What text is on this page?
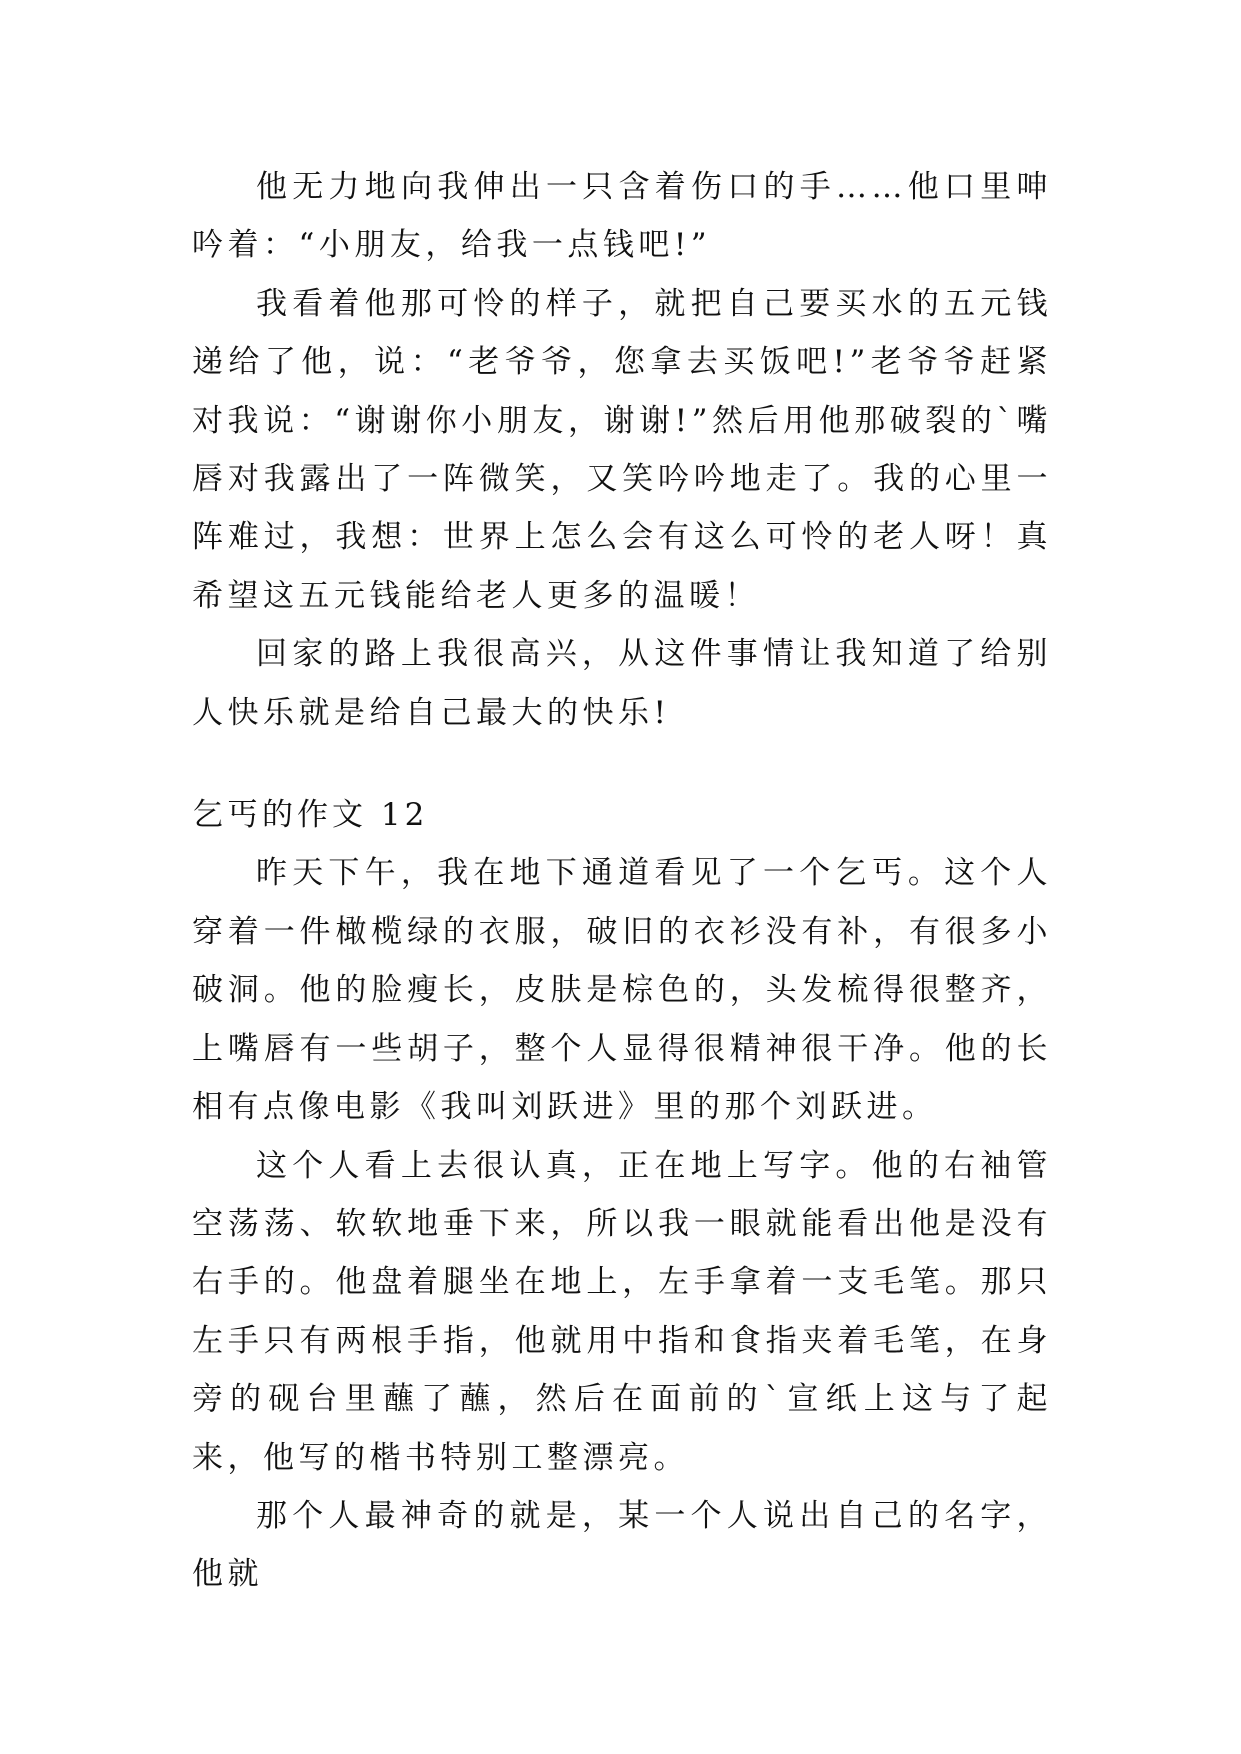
他无力地向我伸出一只含着伤口的手……他口里呻吟着：“小朋友，给我一点钱吧!”

我看着他那可怜的样子，就把自己要买水的五元钱递给了他，说：“老爷爷，您拿去买饭吧!”老爷爷赶紧对我说：“谢谢你小朋友，谢谢!”然后用他那破裂的`嘴唇对我露出了一阵微笑，又笑吟吟地走了。我的心里一阵难过，我想：世界上怎么会有这么可怜的老人呀！真希望这五元钱能给老人更多的温暖！

回家的路上我很高兴，从这件事情让我知道了给别人快乐就是给自己最大的快乐!

乞丐的作文 12

昨天下午，我在地下通道看见了一个乞丐。这个人穿着一件橄榄绿的衣服，破旧的衣衫没有补，有很多小破洞。他的脸瘦长，皮肤是棕色的，头发梳得很整齐，上嘴唇有一些胡子，整个人显得很精神很干净。他的长相有点像电影《我叫刘跃进》里的那个刘跃进。

这个人看上去很认真，正在地上写字。他的右袖管空荡荡、软软地垂下来，所以我一眼就能看出他是没有右手的。他盘着腿坐在地上，左手拿着一支毛笔。那只左手只有两根手指，他就用中指和食指夹着毛笔，在身旁的砚台里蘸了蘸，然后在面前的`宣纸上这与了起来，他写的楷书特别工整漂亮。

那个人最神奇的就是，某一个人说出自己的名字，他就
